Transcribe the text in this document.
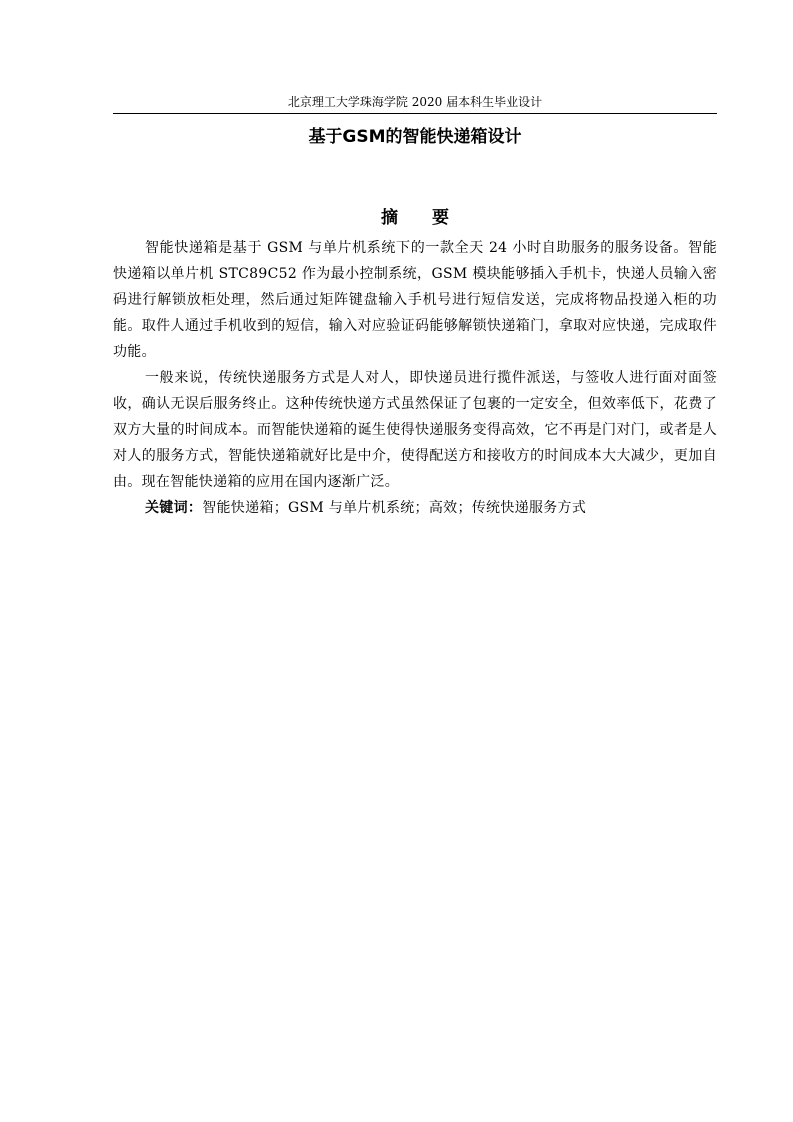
北京理工大学珠海学院 2020 届本科生毕业设计
基于GSM的智能快递箱设计
摘 要

智能快递箱是基于 GSM 与单片机系统下的一款全天 24 小时自助服务的服务设备。智能快递箱以单片机 STC89C52 作为最小控制系统，GSM 模块能够插入手机卡，快递人员输入密码进行解锁放柜处理，然后通过矩阵键盘输入手机号进行短信发送，完成将物品投递入柜的功能。取件人通过手机收到的短信，输入对应验证码能够解锁快递箱门，拿取对应快递，完成取件功能。

一般来说，传统快递服务方式是人对人，即快递员进行揽件派送，与签收人进行面对面签收，确认无误后服务终止。这种传统快递方式虽然保证了包裹的一定安全，但效率低下，花费了双方大量的时间成本。而智能快递箱的诞生使得快递服务变得高效，它不再是门对门，或者是人对人的服务方式，智能快递箱就好比是中介，使得配送方和接收方的时间成本大大减少，更加自由。现在智能快递箱的应用在国内逐渐广泛。

关键词：智能快递箱；GSM 与单片机系统；高效；传统快递服务方式
